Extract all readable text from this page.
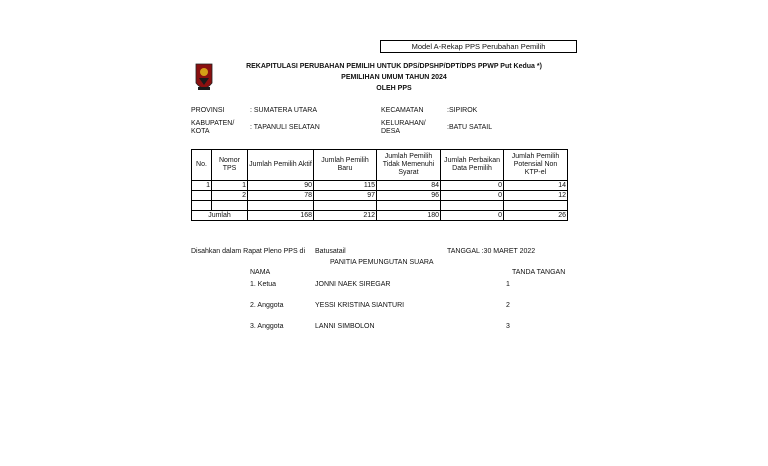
Model A-Rekap PPS Perubahan Pemilih
REKAPITULASI PERUBAHAN PEMILIH UNTUK DPS/DPSHP/DPT/DPS PPWP Put Kedua *)
PEMILIHAN UMUM TAHUN 2024
OLEH PPS
PROVINSI	: SUMATERA UTARA
KABUPATEN/
KOTA
: TAPANULI SELATAN
KECAMATAN	:SIPIROK
KELURAHAN/
DESA
:BATU SATAIL
No.	Nomor TPS	Jumlah Pemilih Aktif	Jumlah Pemilih Baru	Jumlah Pemilih Tidak Memenuhi Syarat	Jumlah Perbaikan Data Pemilih	Jumlah Pemilih Potensial Non KTP-el
1	1	90	115	84	0	14
	2	78	97	96	0	12

Jumlah		168	212	180	0	26
Disahkan dalam Rapat Pleno PPS di Batusatail	TANGGAL :30 MARET 2022
PANITIA PEMUNGUTAN SUARA
NAMA	TANDA TANGAN
1. Ketua	JONNI NAEK SIREGAR	1
2. Anggota	YESSI KRISTINA SIANTURI	2
3. Anggota	LANNI SIMBOLON	3
